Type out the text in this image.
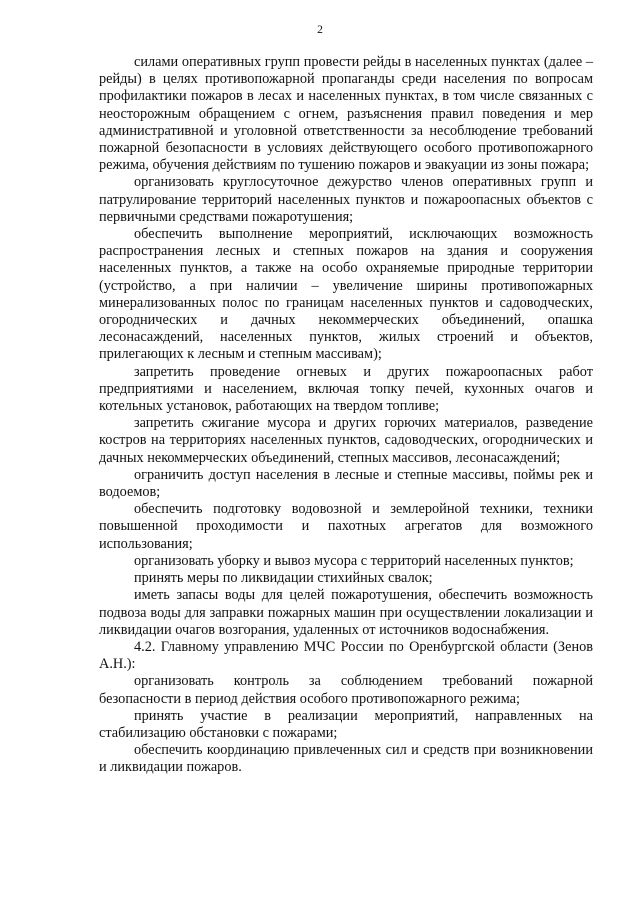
2

силами оперативных групп провести рейды в населенных пунктах (далее – рейды) в целях противопожарной пропаганды среди населения по вопросам профилактики пожаров в лесах и населенных пунктах, в том числе связанных с неосторожным обращением с огнем, разъяснения правил поведения и мер административной и уголовной ответственности за несоблюдение требований пожарной безопасности в условиях действующего особого противопожарного режима, обучения действиям по тушению пожаров и эвакуации из зоны пожара;

организовать круглосуточное дежурство членов оперативных групп и патрулирование территорий населенных пунктов и пожароопасных объектов с первичными средствами пожаротушения;

обеспечить выполнение мероприятий, исключающих возможность распространения лесных и степных пожаров на здания и сооружения населенных пунктов, а также на особо охраняемые природные территории (устройство, а при наличии – увеличение ширины противопожарных минерализованных полос по границам населенных пунктов и садоводческих, огороднических и дачных некоммерческих объединений, опашка лесонасаждений, населенных пунктов, жилых строений и объектов, прилегающих к лесным и степным массивам);

запретить проведение огневых и других пожароопасных работ предприятиями и населением, включая топку печей, кухонных очагов и котельных установок, работающих на твердом топливе;

запретить сжигание мусора и других горючих материалов, разведение костров на территориях населенных пунктов, садоводческих, огороднических и дачных некоммерческих объединений, степных массивов, лесонасаждений;

ограничить доступ населения в лесные и степные массивы, поймы рек и водоемов;

обеспечить подготовку водовозной и землеройной техники, техники повышенной проходимости и пахотных агрегатов для возможного использования;

организовать уборку и вывоз мусора с территорий населенных пунктов;

принять меры по ликвидации стихийных свалок;

иметь запасы воды для целей пожаротушения, обеспечить возможность подвоза воды для заправки пожарных машин при осуществлении локализации и ликвидации очагов возгорания, удаленных от источников водоснабжения.

4.2. Главному управлению МЧС России по Оренбургской области (Зенов А.Н.):

организовать контроль за соблюдением требований пожарной безопасности в период действия особого противопожарного режима;

принять участие в реализации мероприятий, направленных на стабилизацию обстановки с пожарами;

обеспечить координацию привлеченных сил и средств при возникновении и ликвидации пожаров.
